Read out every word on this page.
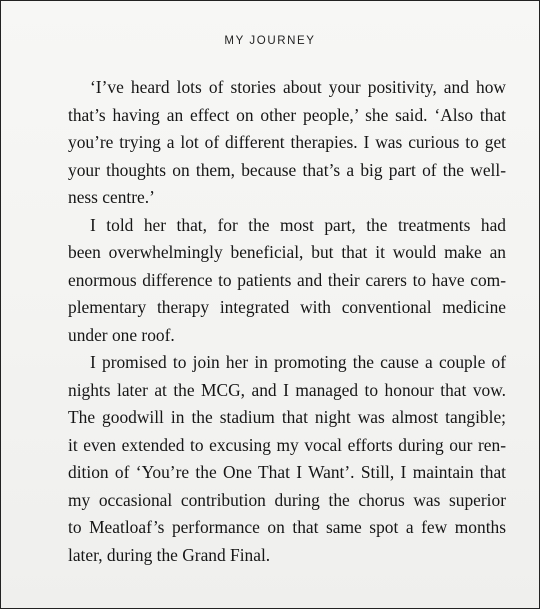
MY JOURNEY
‘I’ve heard lots of stories about your positivity, and how
that’s having an effect on other people,’ she said. ‘Also that
you’re trying a lot of different therapies. I was curious to get
your thoughts on them, because that’s a big part of the well-
ness centre.’
I told her that, for the most part, the treatments had
been overwhelmingly beneficial, but that it would make an
enormous difference to patients and their carers to have com-
plementary therapy integrated with conventional medicine
under one roof.
I promised to join her in promoting the cause a couple of
nights later at the MCG, and I managed to honour that vow.
The goodwill in the stadium that night was almost tangible;
it even extended to excusing my vocal efforts during our ren-
dition of ‘You’re the One That I Want’. Still, I maintain that
my occasional contribution during the chorus was superior
to Meatloaf’s performance on that same spot a few months
later, during the Grand Final.
